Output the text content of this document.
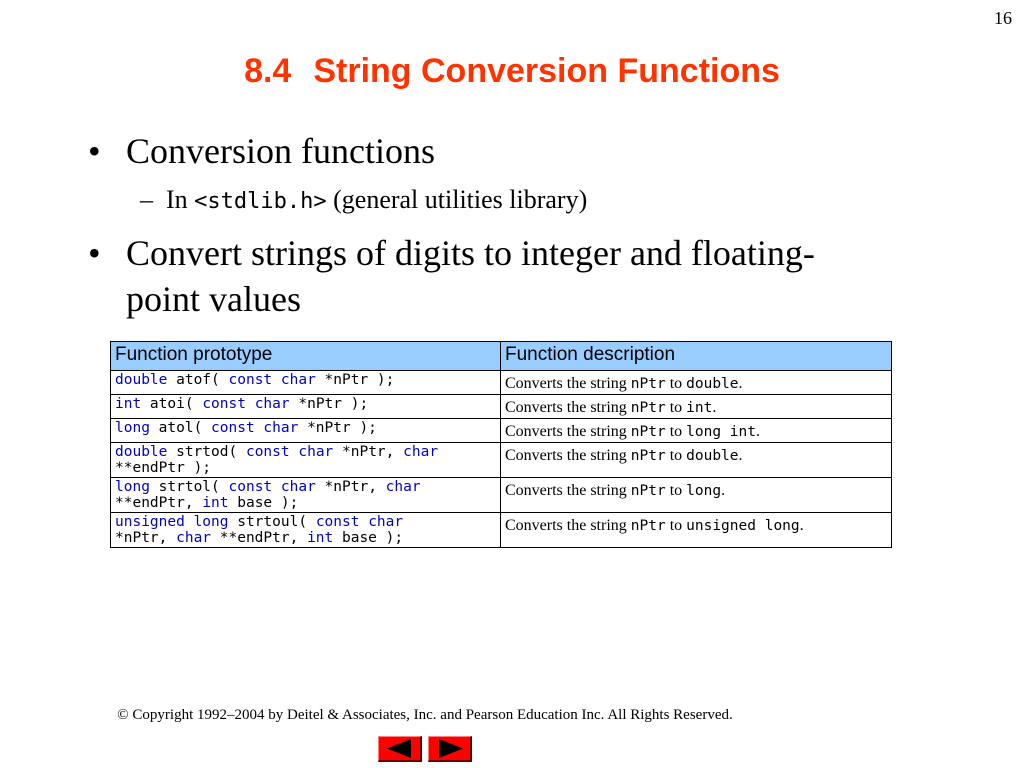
16
8.4 String Conversion Functions
• Conversion functions
– In <stdlib.h> (general utilities library)
• Convert strings of digits to integer and floating-
point values
Function prototype	Function description

double atof( const char *nPtr );	Converts the string nPtr to double.

int atoi( const char *nPtr );	Converts the string nPtr to int.

long atol( const char *nPtr );	Converts the string nPtr to long int.

double strtod( const char *nPtr, char
**endPtr );	Converts the string nPtr to double.

long strtol( const char *nPtr, char
**endPtr, int base );	Converts the string nPtr to long.

unsigned long strtoul( const char
*nPtr, char **endPtr, int base );	Converts the string nPtr to unsigned long.
© Copyright 1992–2004 by Deitel & Associates, Inc. and Pearson Education Inc. All Rights Reserved.
